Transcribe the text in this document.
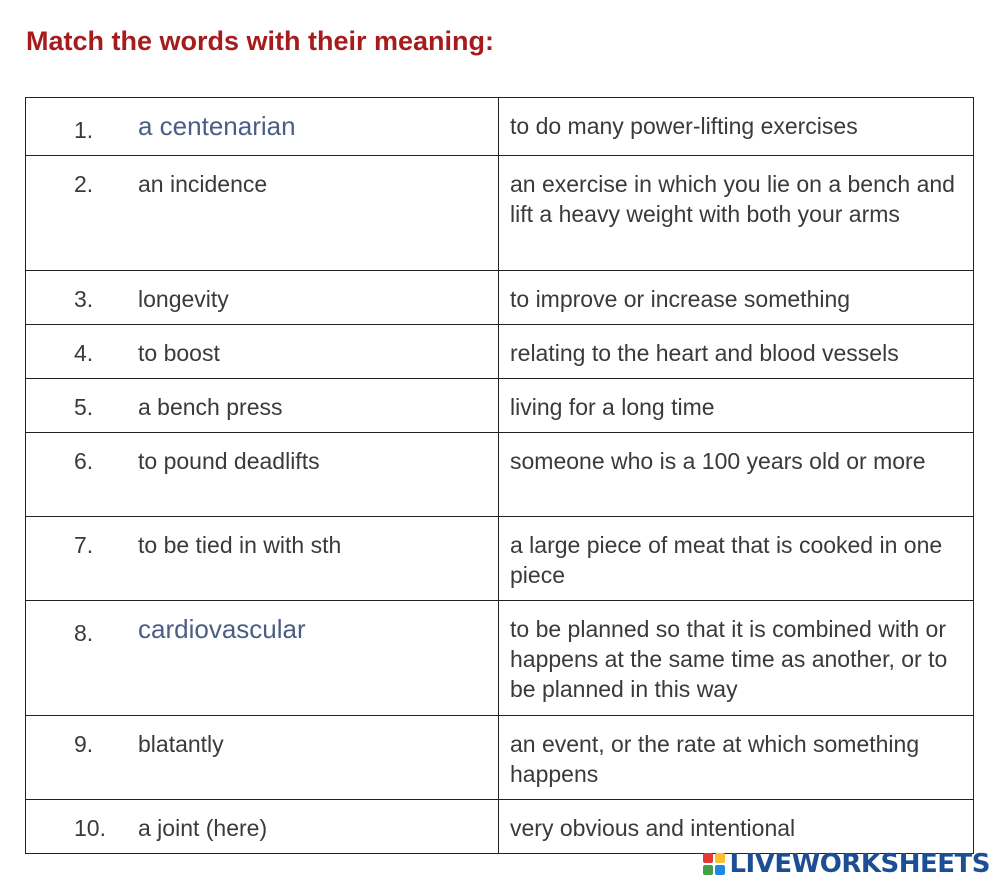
Match the words with their meaning:
1. a centenarian	to do many power-lifting exercises

2. an incidence	an exercise in which you lie on a bench and lift a heavy weight with both your arms

3. longevity	to improve or increase something

4. to boost	relating to the heart and blood vessels

5. a bench press	living for a long time

6. to pound deadlifts	someone who is a 100 years old or more

7. to be tied in with sth	a large piece of meat that is cooked in one piece

8. cardiovascular	to be planned so that it is combined with or happens at the same time as another, or to be planned in this way

9. blatantly	an event, or the rate at which something happens

10. a joint (here)	very obvious and intentional
LIVEWORKSHEETS
